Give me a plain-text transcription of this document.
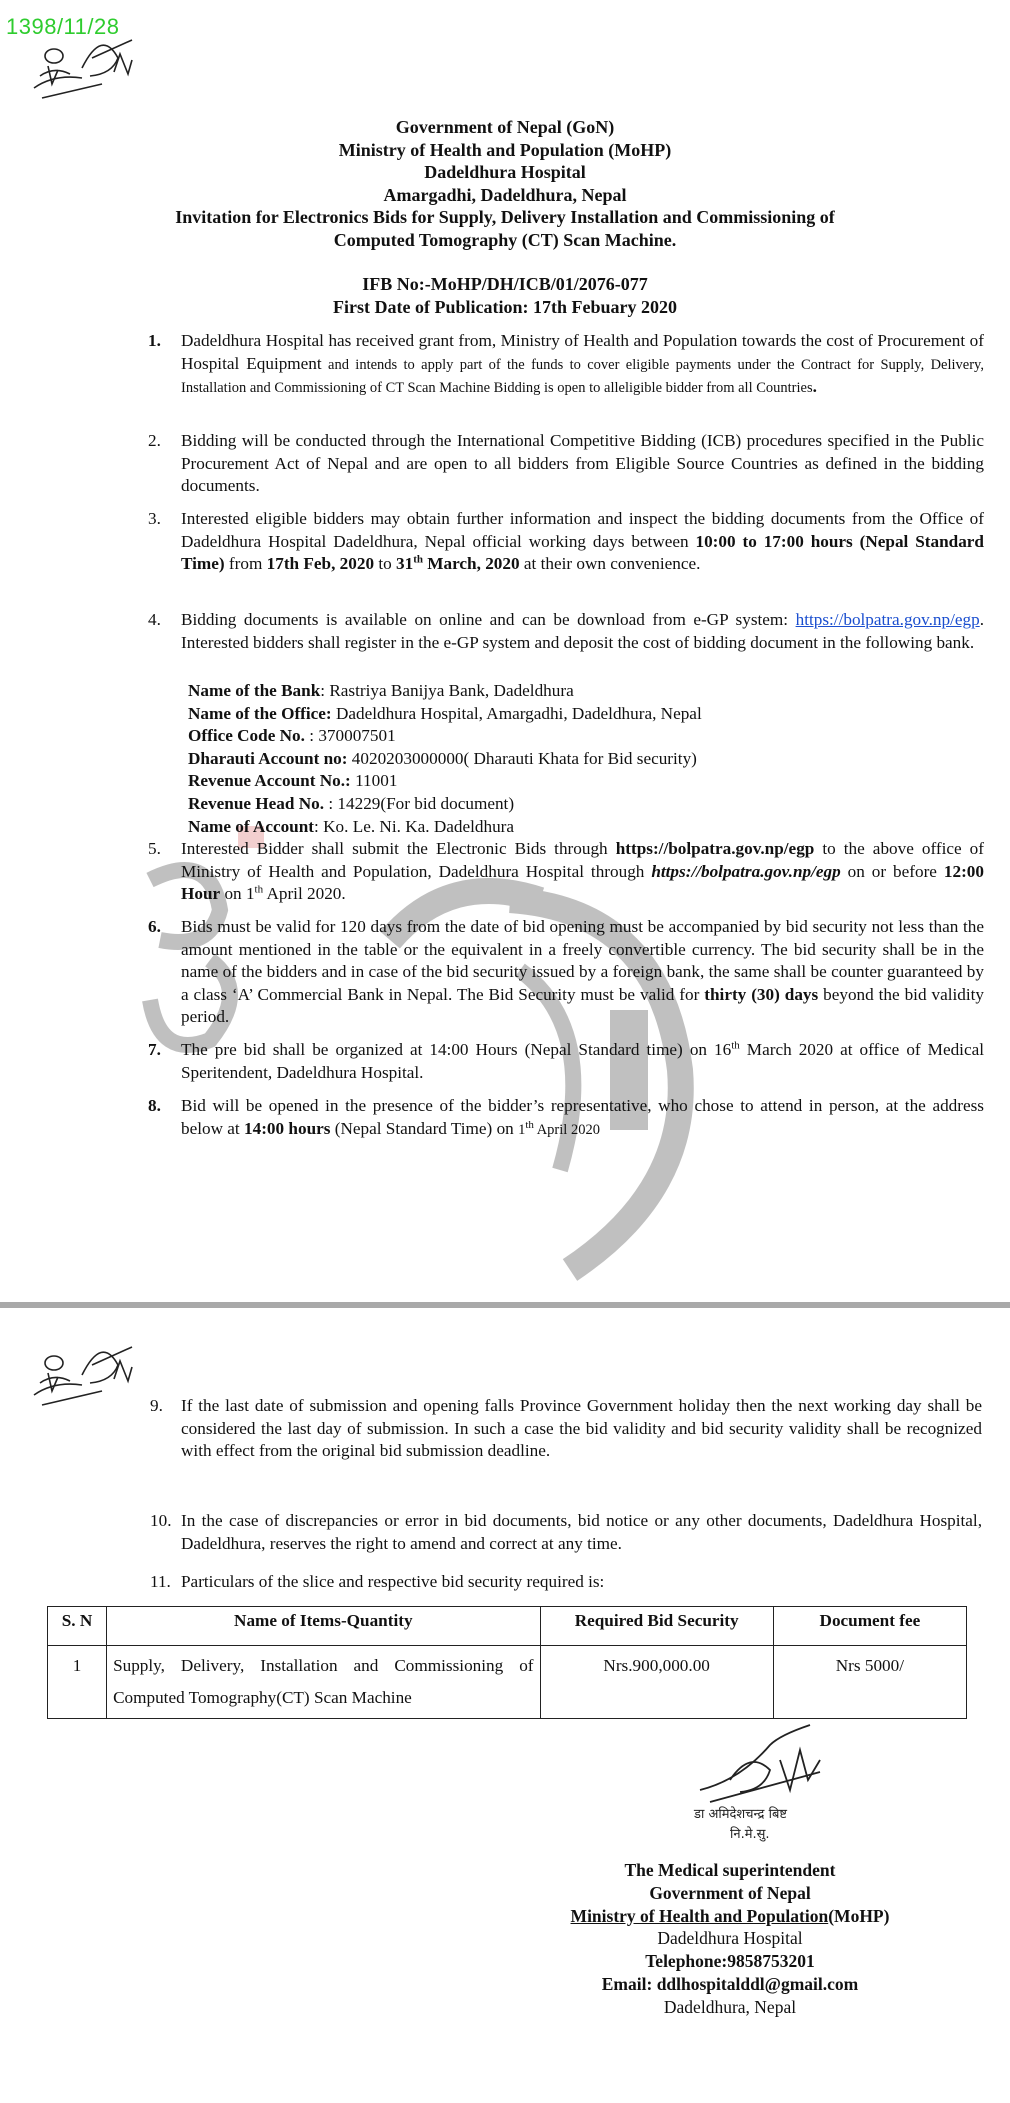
1398/11/28
Government of Nepal (GoN)
Ministry of Health and Population (MoHP)
Dadeldhura Hospital
Amargadhi, Dadeldhura, Nepal
Invitation for Electronics Bids for Supply, Delivery Installation and Commissioning of
Computed Tomography (CT) Scan Machine.
IFB No:-MoHP/DH/ICB/01/2076-077
First Date of Publication: 17th Febuary 2020
1.	Dadeldhura Hospital has received grant from, Ministry of Health and Population towards the cost of Procurement of Hospital Equipment and intends to apply part of the funds to cover eligible payments under the Contract for Supply, Delivery, Installation and Commissioning of CT Scan Machine Bidding is open to alleligible bidder from all Countries.
2.	Bidding will be conducted through the International Competitive Bidding (ICB) procedures specified in the Public Procurement Act of Nepal and are open to all bidders from Eligible Source Countries as defined in the bidding documents.
3.	Interested eligible bidders may obtain further information and inspect the bidding documents from the Office of Dadeldhura Hospital Dadeldhura, Nepal official working days between 10:00 to 17:00 hours (Nepal Standard Time) from 17th Feb, 2020 to 31th March, 2020 at their own convenience.
4.	Bidding documents is available on online and can be download from e-GP system: https://bolpatra.gov.np/egp. Interested bidders shall register in the e-GP system and deposit the cost of bidding document in the following bank.
Name of the Bank: Rastriya Banijya Bank, Dadeldhura
Name of the Office: Dadeldhura Hospital, Amargadhi, Dadeldhura, Nepal
Office Code No. : 370007501
Dharauti Account no: 4020203000000( Dharauti Khata for Bid security)
Revenue Account No.: 11001
Revenue Head No. : 14229(For bid document)
Name of Account: Ko. Le. Ni. Ka. Dadeldhura
5.	Interested Bidder shall submit the Electronic Bids through https://bolpatra.gov.np/egp to the above office of Ministry of Health and Population, Dadeldhura Hospital through https://bolpatra.gov.np/egp on or before 12:00 Hour on 1th April 2020.
6.	Bids must be valid for 120 days from the date of bid opening must be accompanied by bid security not less than the amount mentioned in the table or the equivalent in a freely convertible currency. The bid security shall be in the name of the bidders and in case of the bid security issued by a foreign bank, the same shall be counter guaranteed by a class ‘A’ Commercial Bank in Nepal. The Bid Security must be valid for thirty (30) days beyond the bid validity period.
7.	The pre bid shall be organized at 14:00 Hours (Nepal Standard time) on 16th March 2020 at office of Medical Speritendent, Dadeldhura Hospital.
8.	Bid will be opened in the presence of the bidder’s representative, who chose to attend in person, at the address below at 14:00 hours (Nepal Standard Time) on 1th April 2020
9. If the last date of submission and opening falls Province Government holiday then the next working day shall be considered the last day of submission. In such a case the bid validity and bid security validity shall be recognized with effect from the original bid submission deadline.
10. In the case of discrepancies or error in bid documents, bid notice or any other documents, Dadeldhura Hospital, Dadeldhura, reserves the right to amend and correct at any time.
11. Particulars of the slice and respective bid security required is:
S. N	Name of Items-Quantity	Required Bid Security	Document fee
1	Supply, Delivery, Installation and Commissioning of Computed Tomography(CT) Scan Machine	Nrs.900,000.00	Nrs 5000/
डा अमिदेशचन्द्र बिष्ट
नि.मे.सु.
The Medical superintendent
Government of Nepal
Ministry of Health and Population(MoHP)
Dadeldhura Hospital
Telephone:9858753201
Email: ddlhospitalddl@gmail.com
Dadeldhura, Nepal
